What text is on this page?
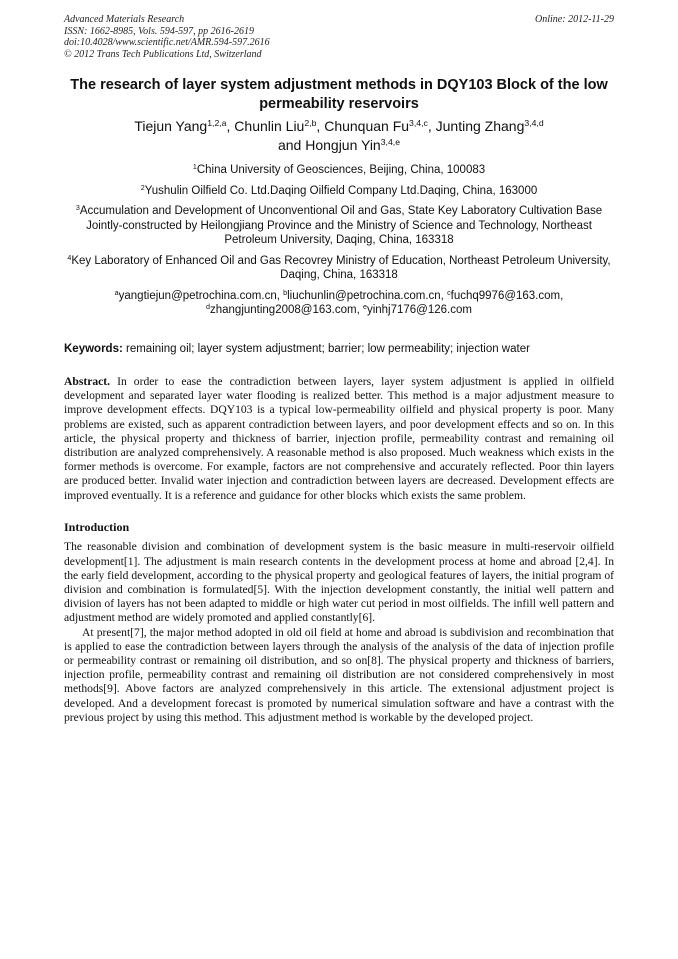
Advanced Materials Research
ISSN: 1662-8985, Vols. 594-597, pp 2616-2619
doi:10.4028/www.scientific.net/AMR.594-597.2616
© 2012 Trans Tech Publications Ltd, Switzerland
Online: 2012-11-29
The research of layer system adjustment methods in DQY103 Block of the low permeability reservoirs
Tiejun Yang$^{1,2,a}$, Chunlin Liu$^{2,b}$, Chunquan Fu$^{3,4,c}$, Junting Zhang$^{3,4,d}$
and Hongjun Yin$^{3,4,e}$
$^1$China University of Geosciences, Beijing, China, 100083
$^2$Yushulin Oilfield Co. Ltd.Daqing Oilfield Company Ltd.Daqing, China, 163000
$^3$Accumulation and Development of Unconventional Oil and Gas, State Key Laboratory Cultivation Base Jointly-constructed by Heilongjiang Province and the Ministry of Science and Technology, Northeast Petroleum University, Daqing, China, 163318
$^4$Key Laboratory of Enhanced Oil and Gas Recovrey Ministry of Education, Northeast Petroleum University, Daqing, China, 163318
$^a$yangtiejun@petrochina.com.cn, $^b$liuchunlin@petrochina.com.cn, $^c$fuchq9976@163.com,
$^d$zhangjunting2008@163.com, $^e$yinhj7176@126.com
Keywords: remaining oil; layer system adjustment; barrier; low permeability; injection water
Abstract. In order to ease the contradiction between layers, layer system adjustment is applied in oilfield development and separated layer water flooding is realized better. This method is a major adjustment measure to improve development effects. DQY103 is a typical low-permeability oilfield and physical property is poor. Many problems are existed, such as apparent contradiction between layers, and poor development effects and so on. In this article, the physical property and thickness of barrier, injection profile, permeability contrast and remaining oil distribution are analyzed comprehensively. A reasonable method is also proposed. Much weakness which exists in the former methods is overcome. For example, factors are not comprehensive and accurately reflected. Poor thin layers are produced better. Invalid water injection and contradiction between layers are decreased. Development effects are improved eventually. It is a reference and guidance for other blocks which exists the same problem.
Introduction
The reasonable division and combination of development system is the basic measure in multi-reservoir oilfield development[1]. The adjustment is main research contents in the development process at home and abroad [2,4]. In the early field development, according to the physical property and geological features of layers, the initial program of division and combination is formulated[5]. With the injection development constantly, the initial well pattern and division of layers has not been adapted to middle or high water cut period in most oilfields. The infill well pattern and adjustment method are widely promoted and applied constantly[6].
At present[7], the major method adopted in old oil field at home and abroad is subdivision and recombination that is applied to ease the contradiction between layers through the analysis of the analysis of the data of injection profile or permeability contrast or remaining oil distribution, and so on[8]. The physical property and thickness of barriers, injection profile, permeability contrast and remaining oil distribution are not considered comprehensively in most methods[9]. Above factors are analyzed comprehensively in this article. The extensional adjustment project is developed. And a development forecast is promoted by numerical simulation software and have a contrast with the previous project by using this method. This adjustment method is workable by the developed project.
